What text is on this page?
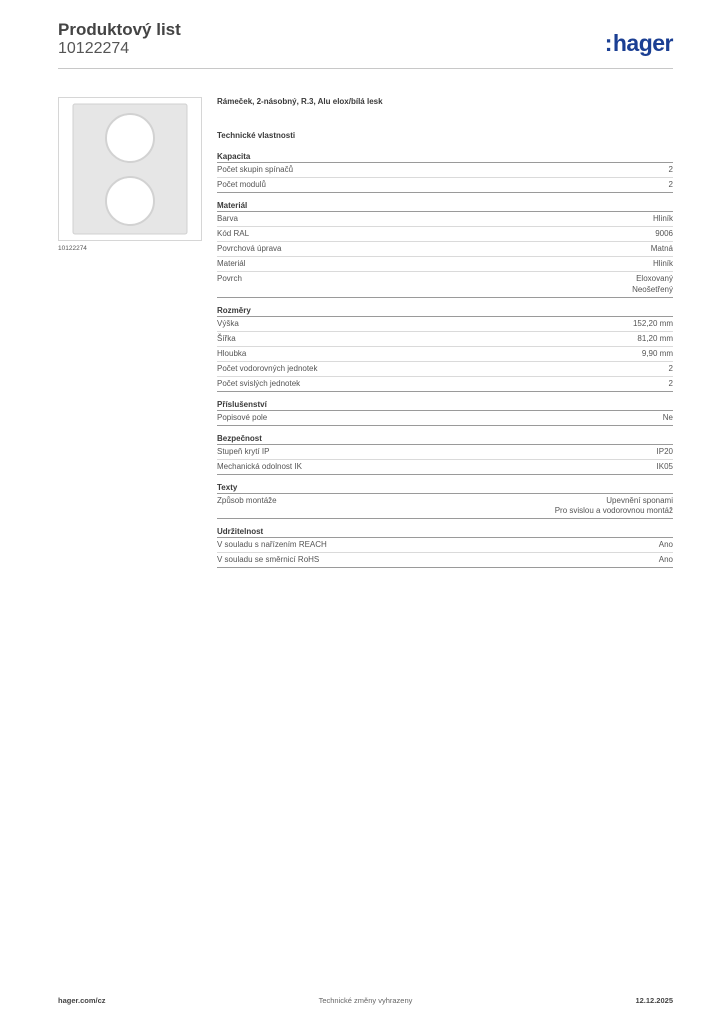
Produktový list
10122274	:hager
10122274
Rámeček, 2-násobný, R.3, Alu elox/bílá lesk
Technické vlastnosti
Kapacita
Počet skupin spínačů	2
Počet modulů	2
Materiál
Barva	Hliník
Kód RAL	9006
Povrchová úprava	Matná
Materiál	Hliník
Povrch	Eloxovaný
Neošetřený
Rozměry
Výška	152,20 mm
Šířka	81,20 mm
Hloubka	9,90 mm
Počet vodorovných jednotek	2
Počet svislých jednotek	2
Příslušenství
Popisové pole	Ne
Bezpečnost
Stupeň krytí IP	IP20
Mechanická odolnost IK	IK05
Texty
Způsob montáže	Upevnění sponami
Pro svislou a vodorovnou montáž
Udržitelnost
V souladu s nařízením REACH	Ano
V souladu se směrnicí RoHS	Ano
hager.com/cz	Technické změny vyhrazeny	12.12.2025
